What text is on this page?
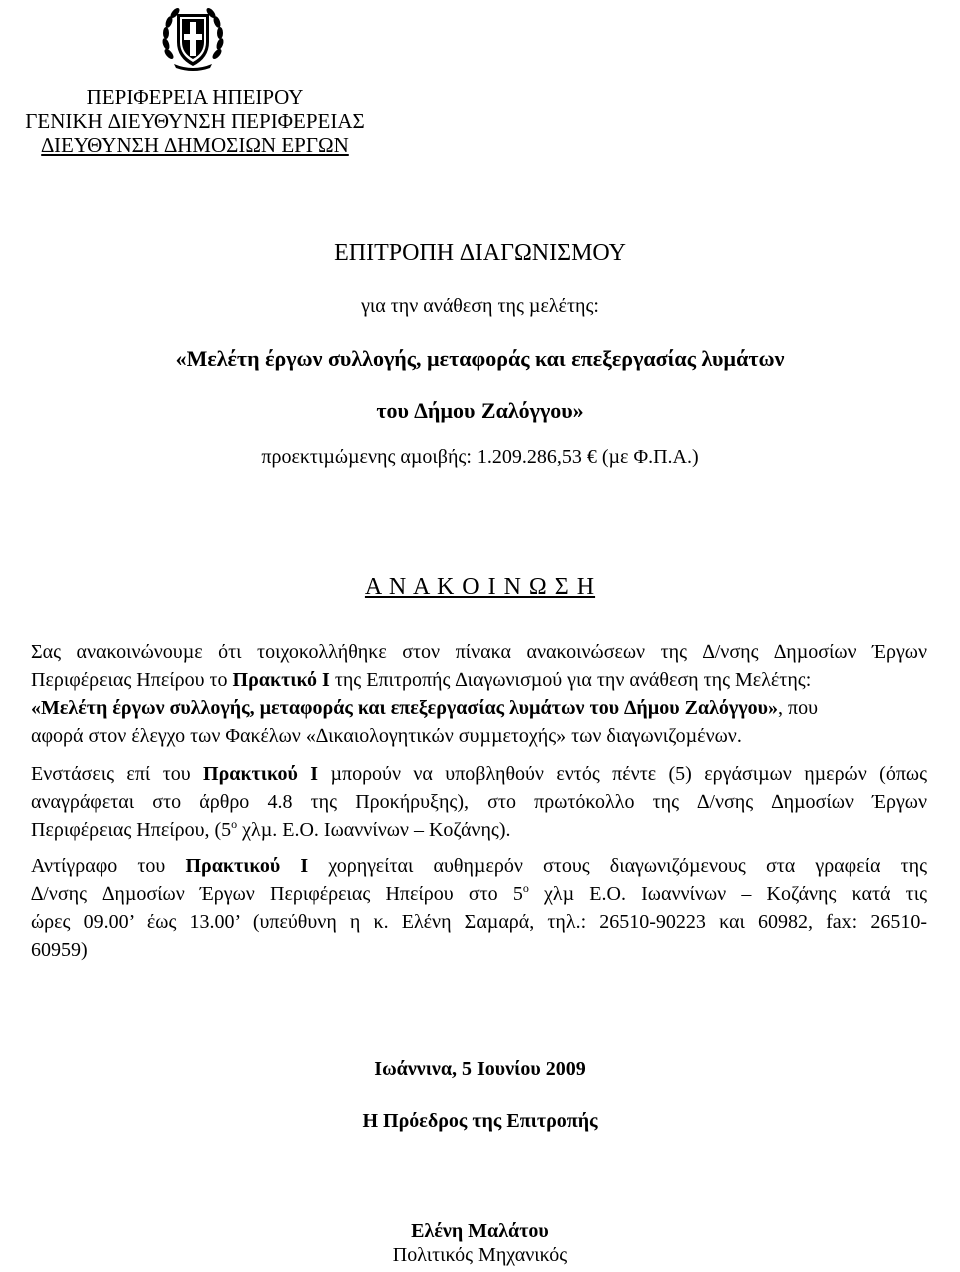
ΠΕΡΙΦΕΡΕΙΑ ΗΠΕΙΡΟΥ
ΓΕΝΙΚΗ ∆ΙΕΥΘΥΝΣΗ ΠΕΡΙΦΕΡΕΙΑΣ
∆ΙΕΥΘΥΝΣΗ ∆ΗΜΟΣΙΩΝ ΕΡΓΩΝ
ΕΠΙΤΡΟΠΗ ∆ΙΑΓΩΝΙΣΜΟΥ
για την ανάθεση της µελέτης:
«Μελέτη έργων συλλογής, µεταφοράς και επεξεργασίας λυµάτων
του ∆ήµου Ζαλόγγου»
προεκτιµώµενης αµοιβής: 1.209.286,53 € (µε Φ.Π.Α.)
Α Ν Α Κ Ο Ι Ν Ω Σ Η
Σας ανακοινώνουµε ότι τοιχοκολλήθηκε στον πίνακα ανακοινώσεων της ∆/νσης ∆ηµοσίων Έργων
Περιφέρειας Ηπείρου το Πρακτικό Ι της Επιτροπής ∆ιαγωνισµού για την ανάθεση της Μελέτης:
«Μελέτη έργων συλλογής, µεταφοράς και επεξεργασίας λυµάτων του ∆ήµου Ζαλόγγου», που
αφορά στον έλεγχο των Φακέλων «∆ικαιολογητικών συµµετοχής» των διαγωνιζοµένων.
Ενστάσεις επί του Πρακτικού Ι µπορούν να υποβληθούν εντός πέντε (5) εργάσιµων ηµερών (όπως
αναγράφεται στο άρθρο 4.8 της Προκήρυξης), στο πρωτόκολλο της ∆/νσης ∆ηµοσίων Έργων
Περιφέρειας Ηπείρου, ($5^o$ χλµ. Ε.Ο. Ιωαννίνων – Κοζάνης).
Αντίγραφο του Πρακτικού Ι χορηγείται αυθηµερόν στους διαγωνιζόµενους στα γραφεία της
∆/νσης ∆ηµοσίων Έργων Περιφέρειας Ηπείρου στο $5^o$ χλµ Ε.Ο. Ιωαννίνων – Κοζάνης κατά τις
ώρες 09.00’ έως 13.00’ (υπεύθυνη η κ. Ελένη Σαµαρά, τηλ.: 26510-90223 και 60982, fax: 26510-
60959)
Ιωάννινα, 5 Ιουνίου 2009
Η Πρόεδρος της Επιτροπής
Ελένη Μαλάτου
Πολιτικός Μηχανικός
